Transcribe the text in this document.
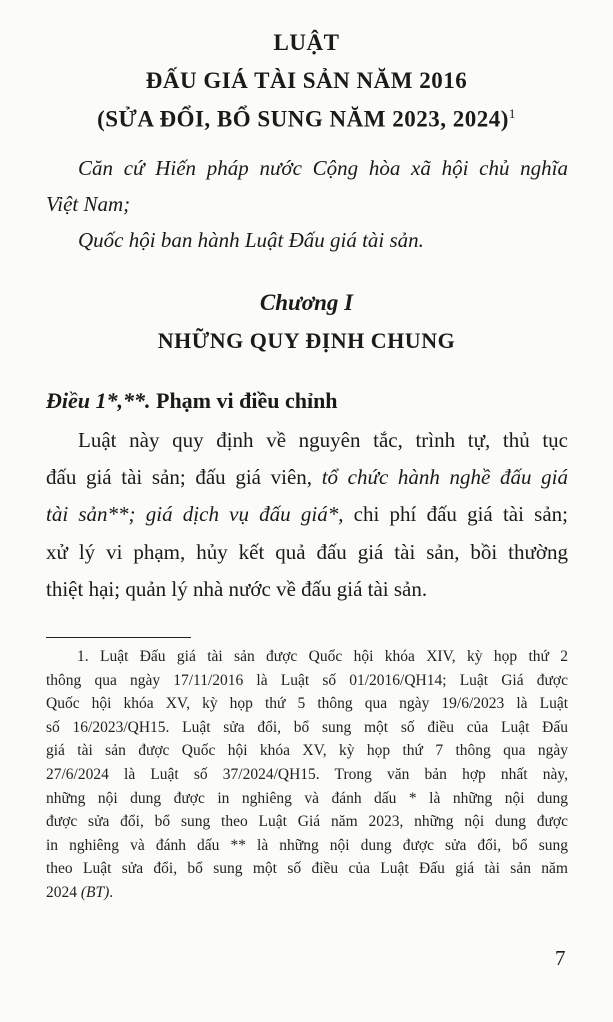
LUẬT
ĐẤU GIÁ TÀI SẢN NĂM 2016
(SỬA ĐỔI, BỔ SUNG NĂM 2023, 2024)$^1$
Căn cứ Hiến pháp nước Cộng hòa xã hội chủ nghĩa
Việt Nam;
Quốc hội ban hành Luật Đấu giá tài sản.
Chương I
NHỮNG QUY ĐỊNH CHUNG
Điều 1*,**. Phạm vi điều chỉnh
Luật này quy định về nguyên tắc, trình tự, thủ tục
đấu giá tài sản; đấu giá viên, tổ chức hành nghề đấu giá
tài sản**; giá dịch vụ đấu giá*, chi phí đấu giá tài sản;
xử lý vi phạm, hủy kết quả đấu giá tài sản, bồi thường
thiệt hại; quản lý nhà nước về đấu giá tài sản.
1. Luật Đấu giá tài sản được Quốc hội khóa XIV, kỳ họp thứ 2
thông qua ngày 17/11/2016 là Luật số 01/2016/QH14; Luật Giá được
Quốc hội khóa XV, kỳ họp thứ 5 thông qua ngày 19/6/2023 là Luật
số 16/2023/QH15. Luật sửa đổi, bổ sung một số điều của Luật Đấu
giá tài sản được Quốc hội khóa XV, kỳ họp thứ 7 thông qua ngày
27/6/2024 là Luật số 37/2024/QH15. Trong văn bản hợp nhất này,
những nội dung được in nghiêng và đánh dấu * là những nội dung
được sửa đổi, bổ sung theo Luật Giá năm 2023, những nội dung được
in nghiêng và đánh dấu ** là những nội dung được sửa đổi, bổ sung
theo Luật sửa đổi, bổ sung một số điều của Luật Đấu giá tài sản năm
2024 (BT).
7
